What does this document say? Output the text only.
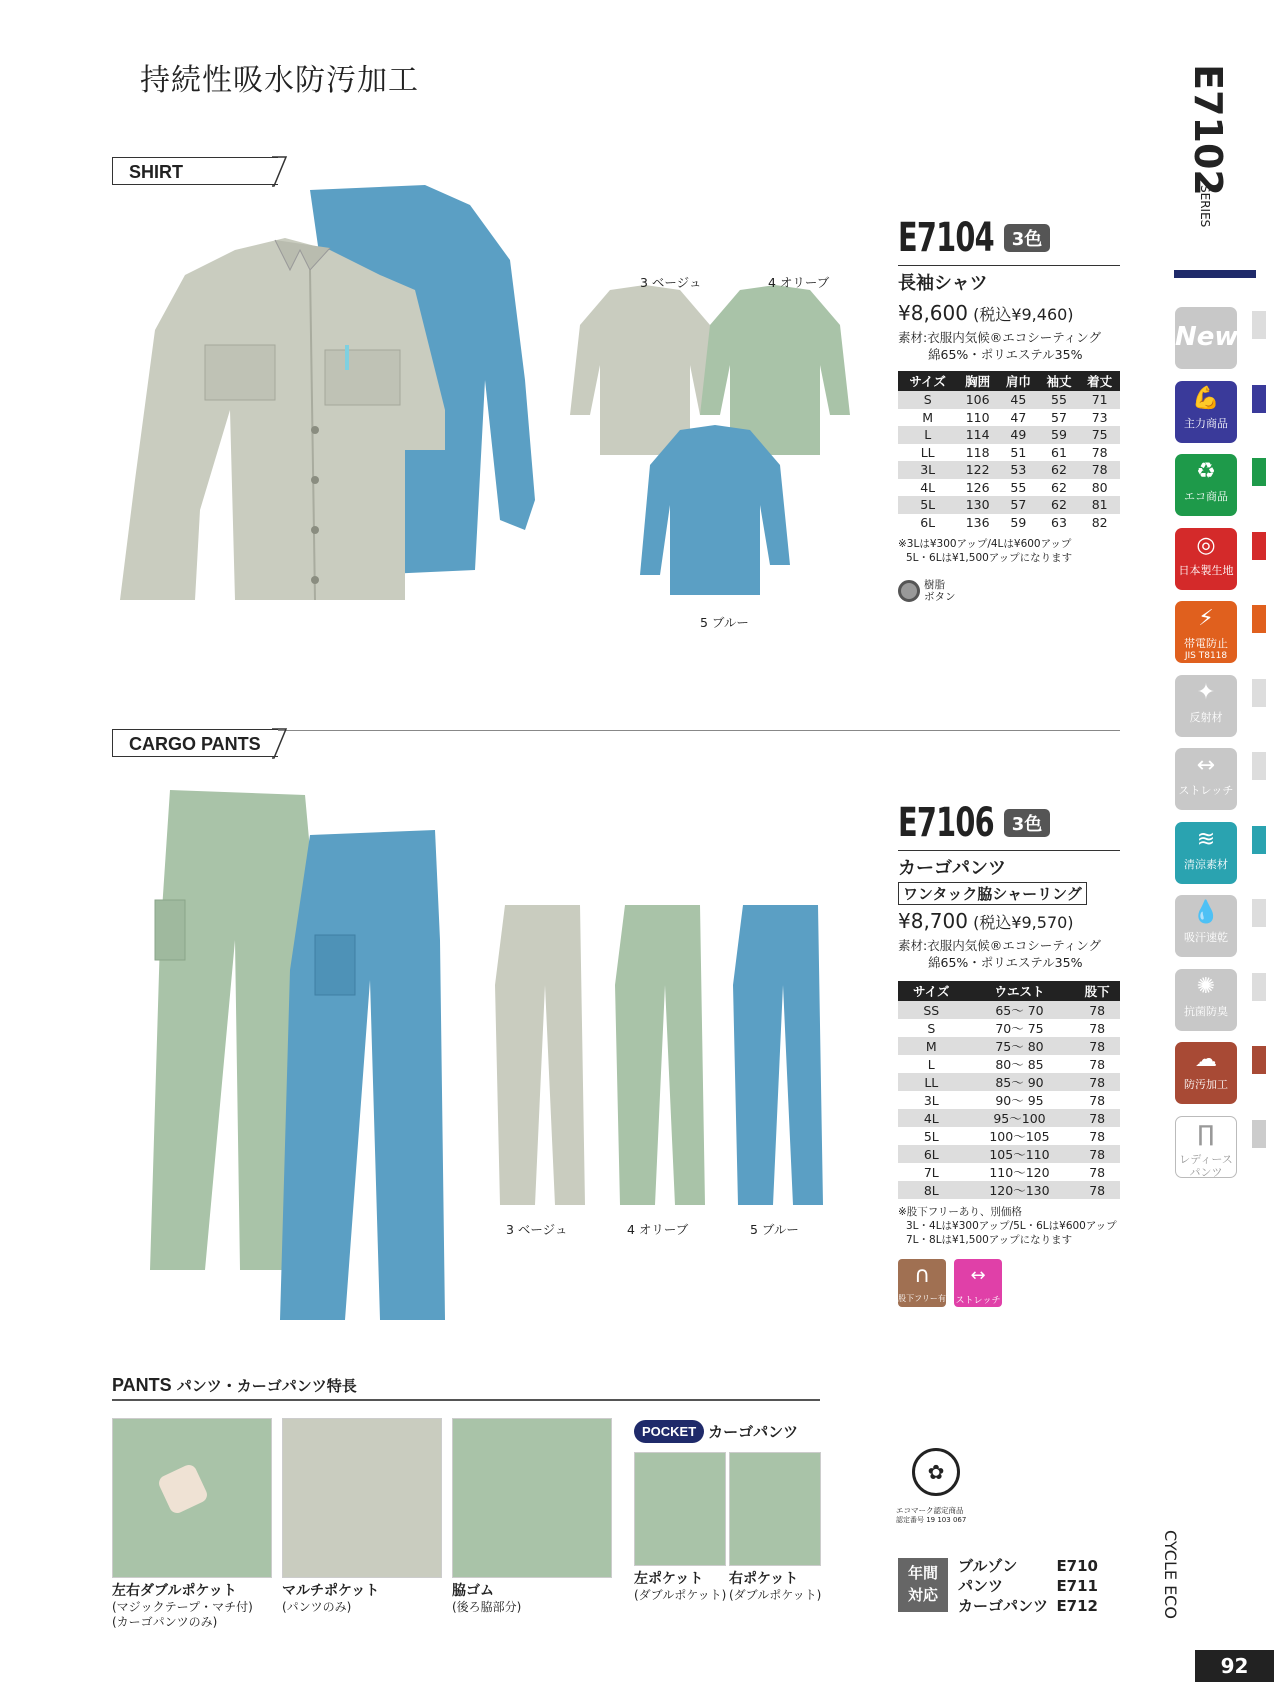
持続性吸水防汚加工	E7102
SERIES
SHIRT
3 ベージュ	4 オリーブ
5 ブルー
E7104 3色
長袖シャツ
¥8,600 (税込¥9,460)
素材:衣服内気候®エコシーティング
綿65%・ポリエステル35%
サイズ	胸囲	肩巾	袖丈	着丈
S	106	45	55	71
M	110	47	57	73
L	114	49	59	75
LL	118	51	61	78
3L	122	53	62	78
4L	126	55	62	80
5L	130	57	62	81
6L	136	59	63	82
※3Lは¥300アップ/4Lは¥600アップ
5L・6Lは¥1,500アップになります
樹脂
ボタン
CARGO PANTS
3 ベージュ	4 オリーブ	5 ブルー
E7106 3色
カーゴパンツ
ワンタック脇シャーリング
¥8,700 (税込¥9,570)
素材:衣服内気候®エコシーティング
綿65%・ポリエステル35%
サイズ	ウエスト	股下
SS	65～ 70	78
S	70～ 75	78
M	75～ 80	78
L	80～ 85	78
LL	85～ 90	78
3L	90～ 95	78
4L	95～100	78
5L	100～105	78
6L	105～110	78
7L	110～120	78
8L	120～130	78
※股下フリーあり、別価格
3L・4Lは¥300アップ/5L・6Lは¥600アップ
7L・8Lは¥1,500アップになります
∩
股下フリー有
↔
ストレッチ
PANTS パンツ・カーゴパンツ特長
左右ダブルポケット
(マジックテープ・マチ付)
(カーゴパンツのみ)
マルチポケット
(パンツのみ)
脇ゴム
(後ろ脇部分)
POCKET カーゴパンツ
左ポケット
(ダブルポケット)
右ポケット
(ダブルポケット)
✿
エコマーク認定商品
認定番号 19 103 067
年間
対応
ブルゾン	E710
パンツ	E711
カーゴパンツ E712	CYCLE ECO
92
New
💪
主力商品
♻
エコ商品
◎
日本製生地
⚡
帯電防止
JIS T8118
✦
反射材
↔
ストレッチ
≋
清涼素材
💧
吸汗速乾
✺
抗菌防臭
☁
防汚加工
∏
レディースパンツ
